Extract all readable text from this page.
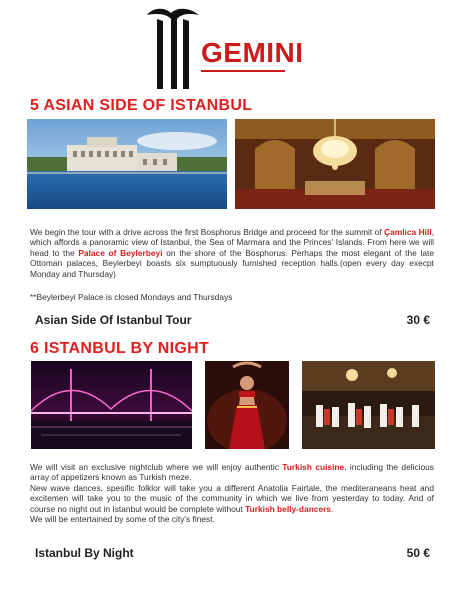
GEMINI
5 ASIAN SIDE OF ISTANBUL
We begin the tour with a drive across the first Bosphorus Bridge and proceed for the summit of Çamlıca Hill, which affords a panoramic view of Istanbul, the Sea of Marmara and the Princes' Islands. From here we will head to the Palace of Beylerbeyi on the shore of the Bosphorus. Perhaps the most elegant of the late Ottoman palaces, Beylerbeyi boasts six sumptuously furnished reception halls.(open every day execpt Monday and Thursday)
**Beylerbeyi Palace is closed Mondays and Thursdays
Asian Side Of Istanbul Tour	30 €
6 ISTANBUL BY NIGHT
We will visit an exclusive nightclub where we will enjoy authentic Turkish cuisine, including the delicious array of appetizers known as Turkish meze.
New wave dances, spesific folklor will take you a different Anatolia Fairtale, the mediteraneans heat and excitemen will take you to the music of the community in which we live from yesterday to today. And of course no night out in Istanbul would be complete without Turkish belly-dancers.
We will be entertained by some of the city's finest.
Istanbul By Night	50 €
